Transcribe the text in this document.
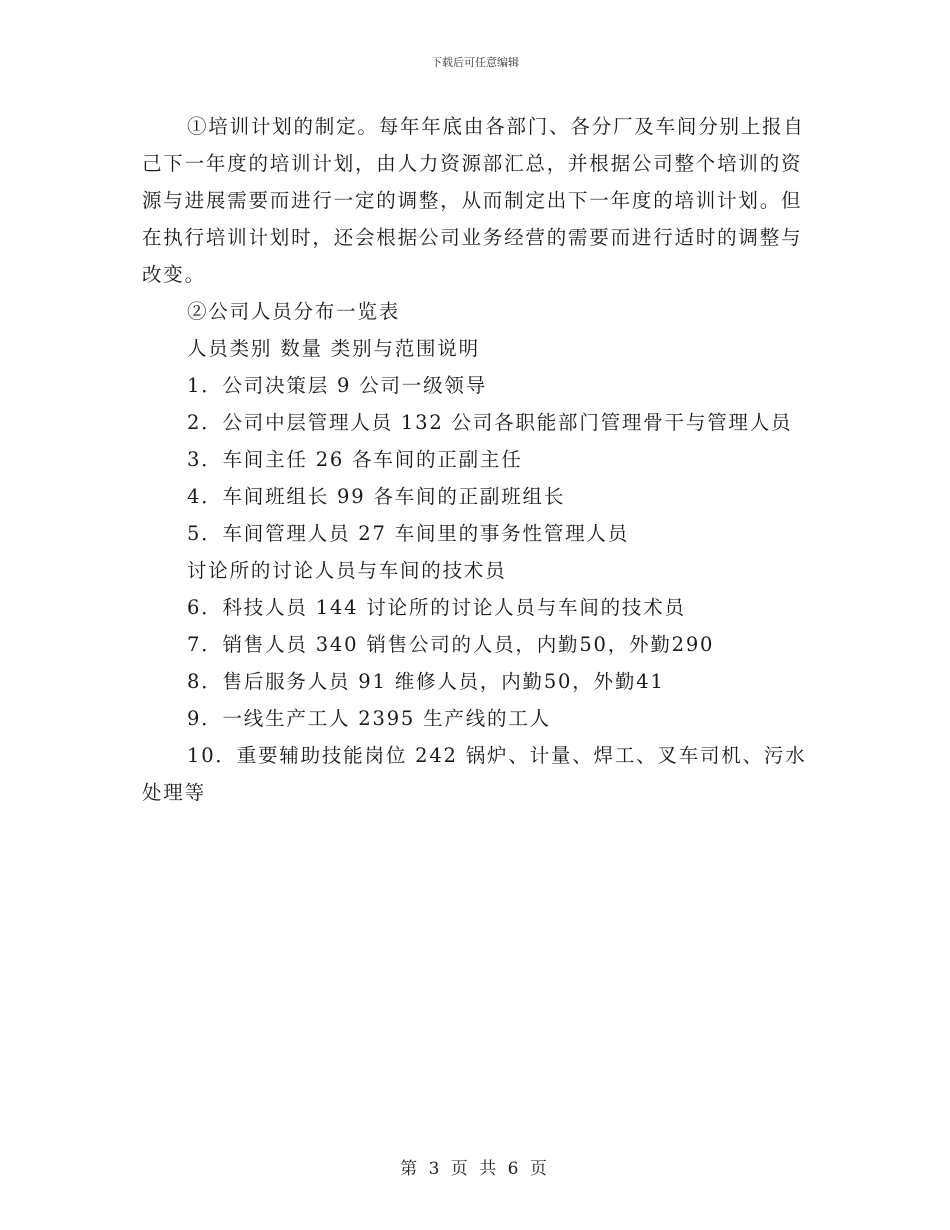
下载后可任意编辑

①培训计划的制定。每年年底由各部门、各分厂及车间分别上报自己下一年度的培训计划，由人力资源部汇总，并根据公司整个培训的资源与进展需要而进行一定的调整，从而制定出下一年度的培训计划。但在执行培训计划时，还会根据公司业务经营的需要而进行适时的调整与改变。

②公司人员分布一览表

人员类别 数量 类别与范围说明

1．公司决策层 9 公司一级领导

2．公司中层管理人员 132 公司各职能部门管理骨干与管理人员

3．车间主任 26 各车间的正副主任

4．车间班组长 99 各车间的正副班组长

5．车间管理人员 27 车间里的事务性管理人员

讨论所的讨论人员与车间的技术员

6．科技人员 144 讨论所的讨论人员与车间的技术员

7．销售人员 340 销售公司的人员，内勤50，外勤290

8．售后服务人员 91 维修人员，内勤50，外勤41

9．一线生产工人 2395 生产线的工人

10．重要辅助技能岗位 242 锅炉、计量、焊工、叉车司机、污水处理等

第 3 页 共 6 页
